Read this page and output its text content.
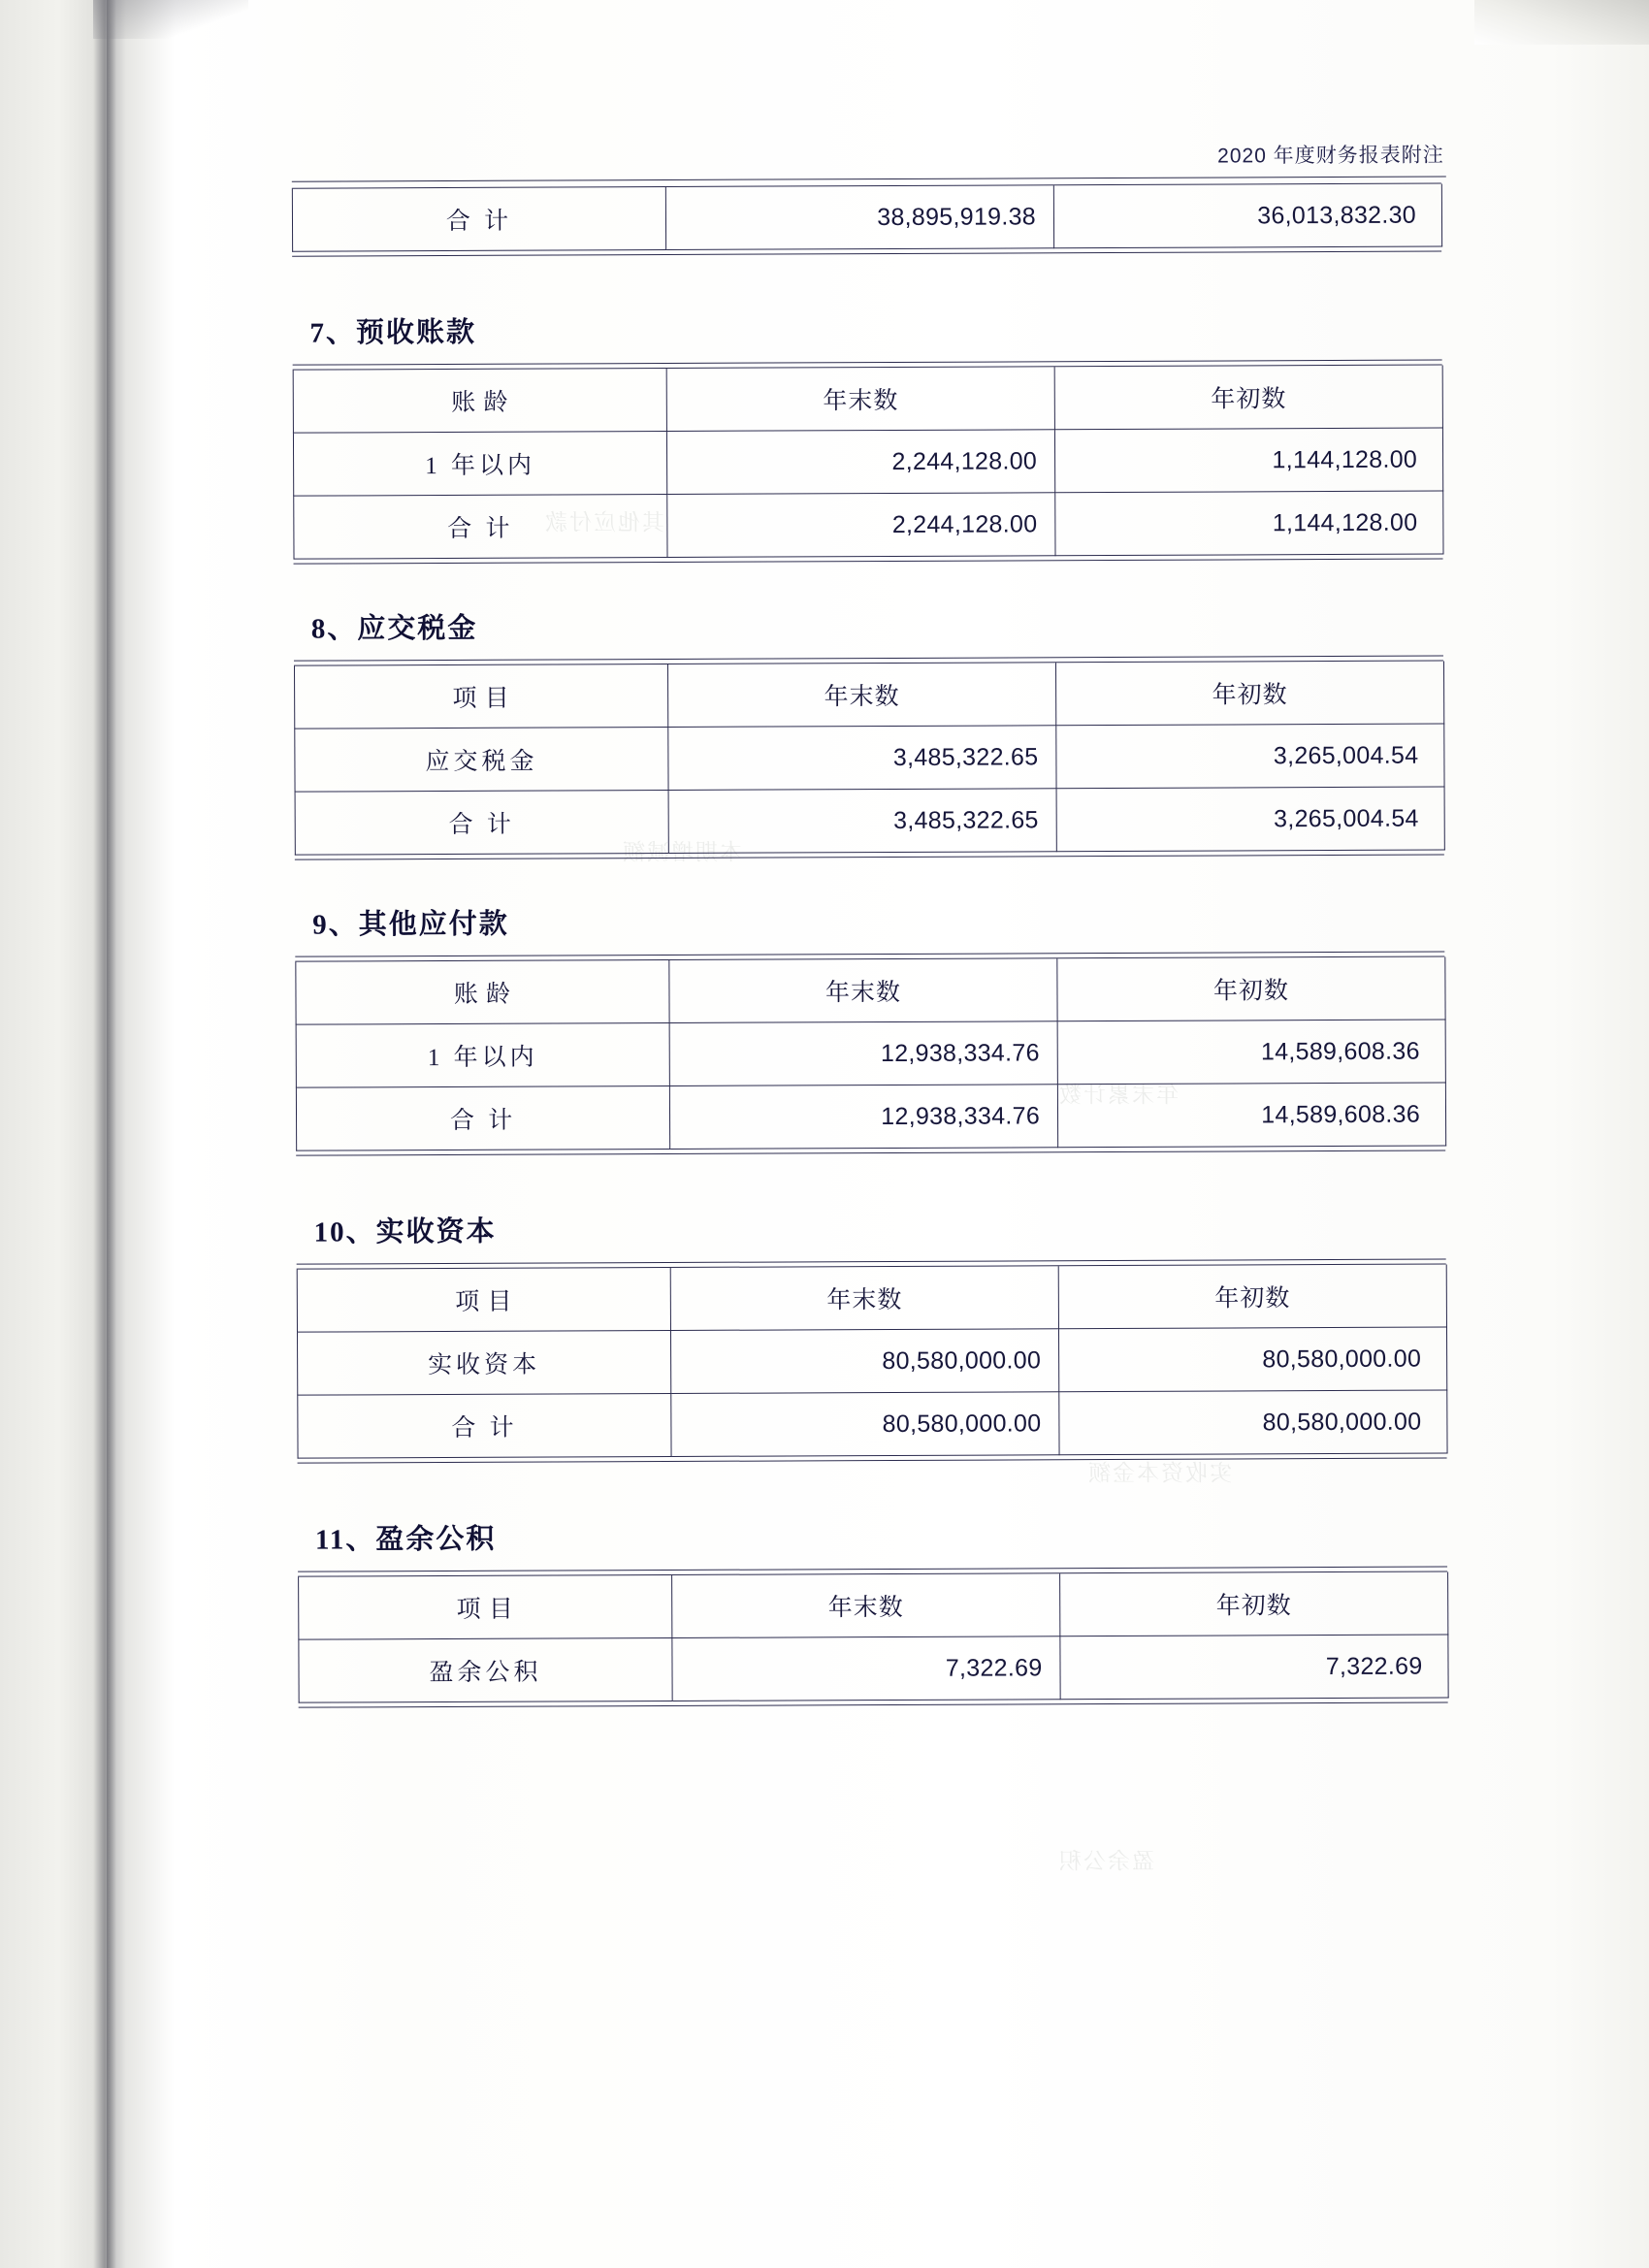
2020 年度财务报表附注
合 计	38,895,919.38	36,013,832.30
7、预收账款
账 龄	年末数	年初数
1 年以内	2,244,128.00	1,144,128.00
合 计	2,244,128.00	1,144,128.00
8、应交税金
项 目	年末数	年初数
应交税金	3,485,322.65	3,265,004.54
合 计	3,485,322.65	3,265,004.54
9、其他应付款
账 龄	年末数	年初数
1 年以内	12,938,334.76	14,589,608.36
合 计	12,938,334.76	14,589,608.36
10、实收资本
项 目	年末数	年初数
实收资本	80,580,000.00	80,580,000.00
合 计	80,580,000.00	80,580,000.00
11、盈余公积
项 目	年末数	年初数
盈余公积	7,322.69	7,322.69
